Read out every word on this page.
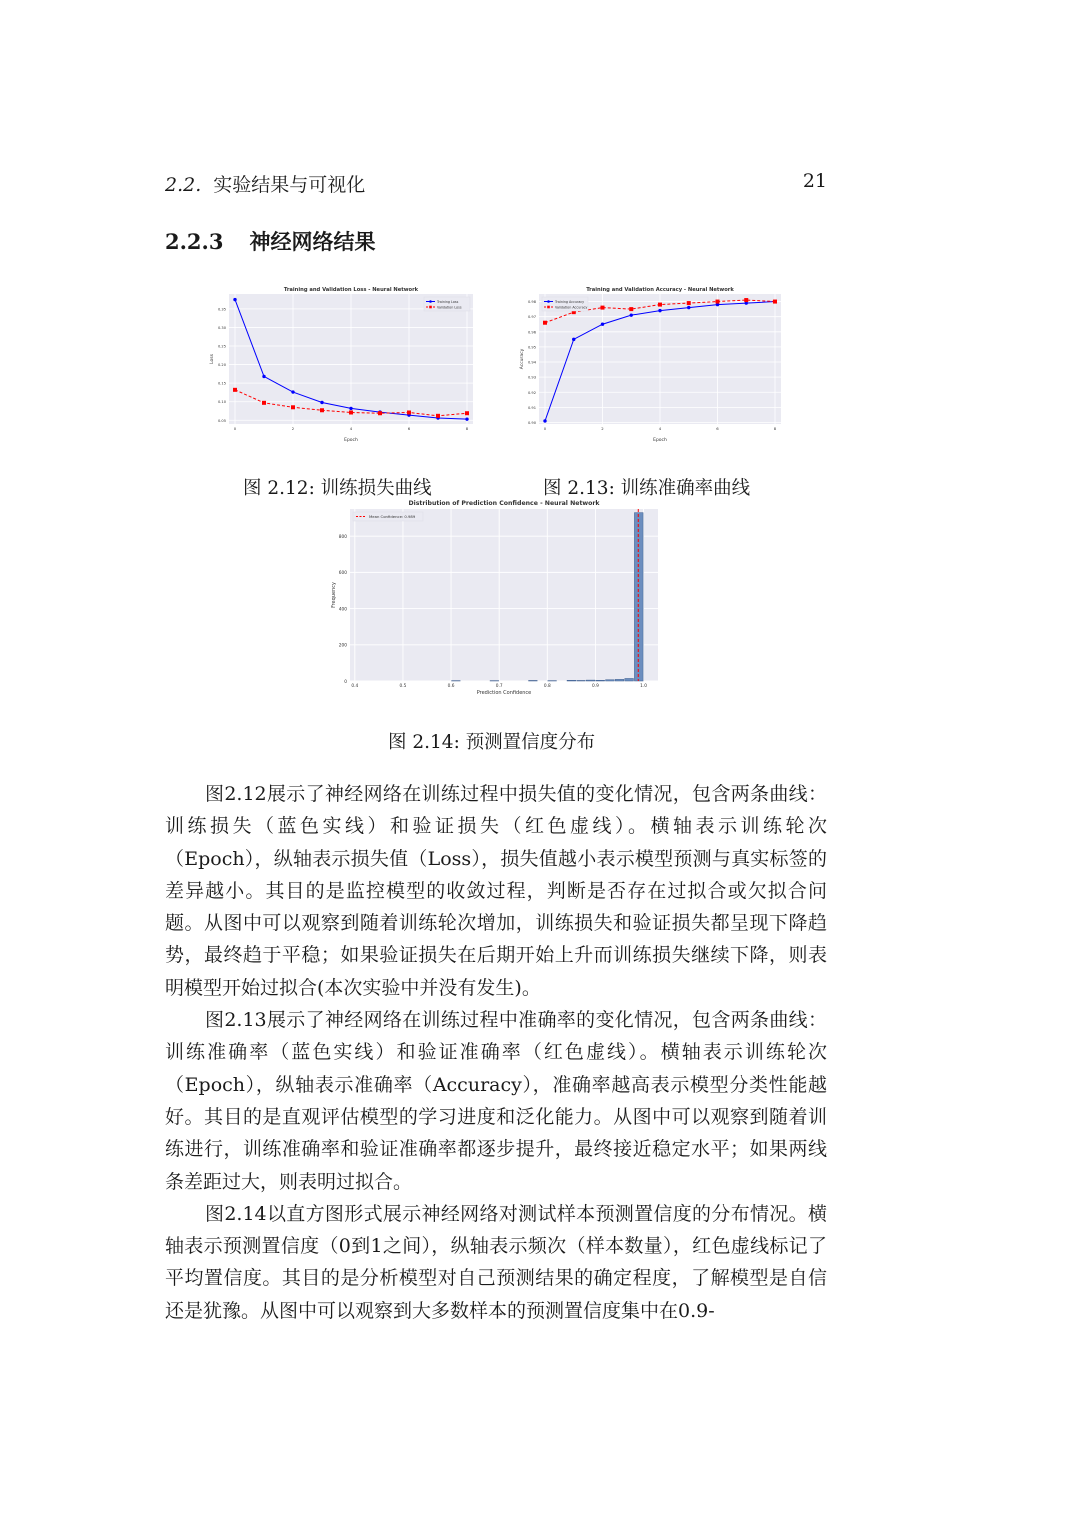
2.2. 实验结果与可视化	21
2.2.3 神经网络结果
Training and Validation Loss - Neural Network
0.05
0.10
0.15
0.20
0.25
0.30
0.35
0	2	4	6	8
Epoch
Loss
Training Loss
Validation Loss
图 2.12: 训练损失曲线
Training and Validation Accuracy - Neural Network
0.90
0.91
0.92
0.93
0.94
0.95
0.96
0.97
0.98
0	2	4	6	8
Epoch
Accuracy
Training Accuracy
Validation Accuracy
图 2.13: 训练准确率曲线
Distribution of Prediction Confidence - Neural Network
0
200
400
600
800
0.4	0.5	0.6	0.7	0.8	0.9	1.0
Prediction Confidence
Frequency
Mean Confidence: 0.989
图 2.14: 预测置信度分布

图2.12展示了神经网络在训练过程中损失值的变化情况，包含两条曲线：训练损失（蓝色实线）和验证损失（红色虚线）。横轴表示训练轮次（Epoch），纵轴表示损失值（Loss），损失值越小表示模型预测与真实标签的差异越小。其目的是监控模型的收敛过程，判断是否存在过拟合或欠拟合问题。从图中可以观察到随着训练轮次增加，训练损失和验证损失都呈现下降趋势，最终趋于平稳；如果验证损失在后期开始上升而训练损失继续下降，则表明模型开始过拟合(本次实验中并没有发生)。

图2.13展示了神经网络在训练过程中准确率的变化情况，包含两条曲线：训练准确率（蓝色实线）和验证准确率（红色虚线）。横轴表示训练轮次（Epoch），纵轴表示准确率（Accuracy），准确率越高表示模型分类性能越好。其目的是直观评估模型的学习进度和泛化能力。从图中可以观察到随着训练进行，训练准确率和验证准确率都逐步提升，最终接近稳定水平；如果两线条差距过大，则表明过拟合。

图2.14以直方图形式展示神经网络对测试样本预测置信度的分布情况。横轴表示预测置信度（0到1之间），纵轴表示频次（样本数量），红色虚线标记了平均置信度。其目的是分析模型对自己预测结果的确定程度，了解模型是自信还是犹豫。从图中可以观察到大多数样本的预测置信度集中在0.9-
